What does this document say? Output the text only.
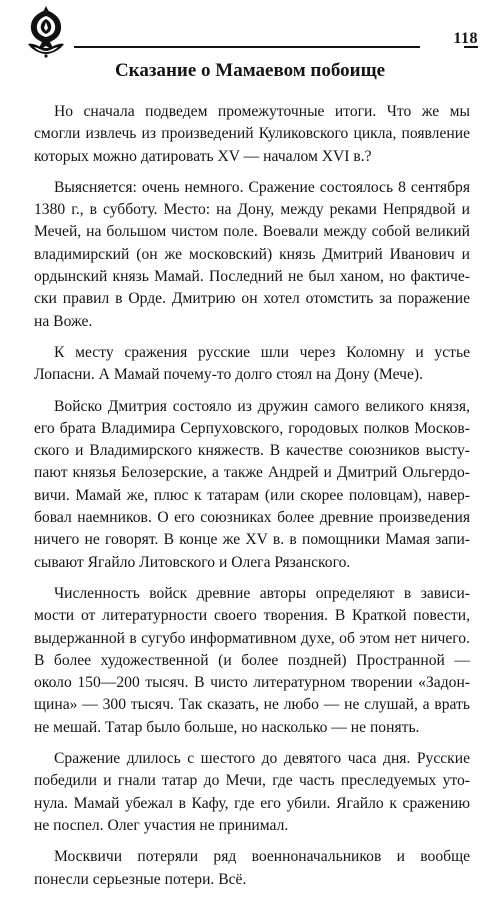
118
Сказание о Мамаевом побоище

Но сначала подведем промежуточные итоги. Что же мы смогли извлечь из произведений Куликовского цикла, появление которых можно датировать XV — началом XVI в.?

Выясняется: очень немного. Сражение состоялось 8 сентября 1380 г., в субботу. Место: на Дону, между реками Непрядвой и Мечей, на большом чистом поле. Воевали между собой великий владимирский (он же московский) князь Дмитрий Иванович и ордынский князь Мамай. Последний не был ханом, но фактически правил в Орде. Дмитрию он хотел отомстить за поражение на Воже.

К месту сражения русские шли через Коломну и устье Лопасни. А Мамай почему-то долго стоял на Дону (Мече).

Войско Дмитрия состояло из дружин самого великого князя, его брата Владимира Серпуховского, городовых полков Московского и Владимирского княжеств. В качестве союзников выступают князья Белозерские, а также Андрей и Дмитрий Ольгердовичи. Мамай же, плюс к татарам (или скорее половцам), навербовал наемников. О его союзниках более древние произведения ничего не говорят. В конце же XV в. в помощники Мамая записывают Ягайло Литовского и Олега Рязанского.

Численность войск древние авторы определяют в зависимости от литературности своего творения. В Краткой повести, выдержанной в сугубо информативном духе, об этом нет ничего. В более художественной (и более поздней) Пространной — около 150—200 тысяч. В чисто литературном творении «Задонщина» — 300 тысяч. Так сказать, не любо — не слушай, а врать не мешай. Татар было больше, но насколько — не понять.

Сражение длилось с шестого до девятого часа дня. Русские победили и гнали татар до Мечи, где часть преследуемых утонула. Мамай убежал в Кафу, где его убили. Ягайло к сражению не поспел. Олег участия не принимал.

Москвичи потеряли ряд военноначальников и вообще понесли серьезные потери. Всё.
